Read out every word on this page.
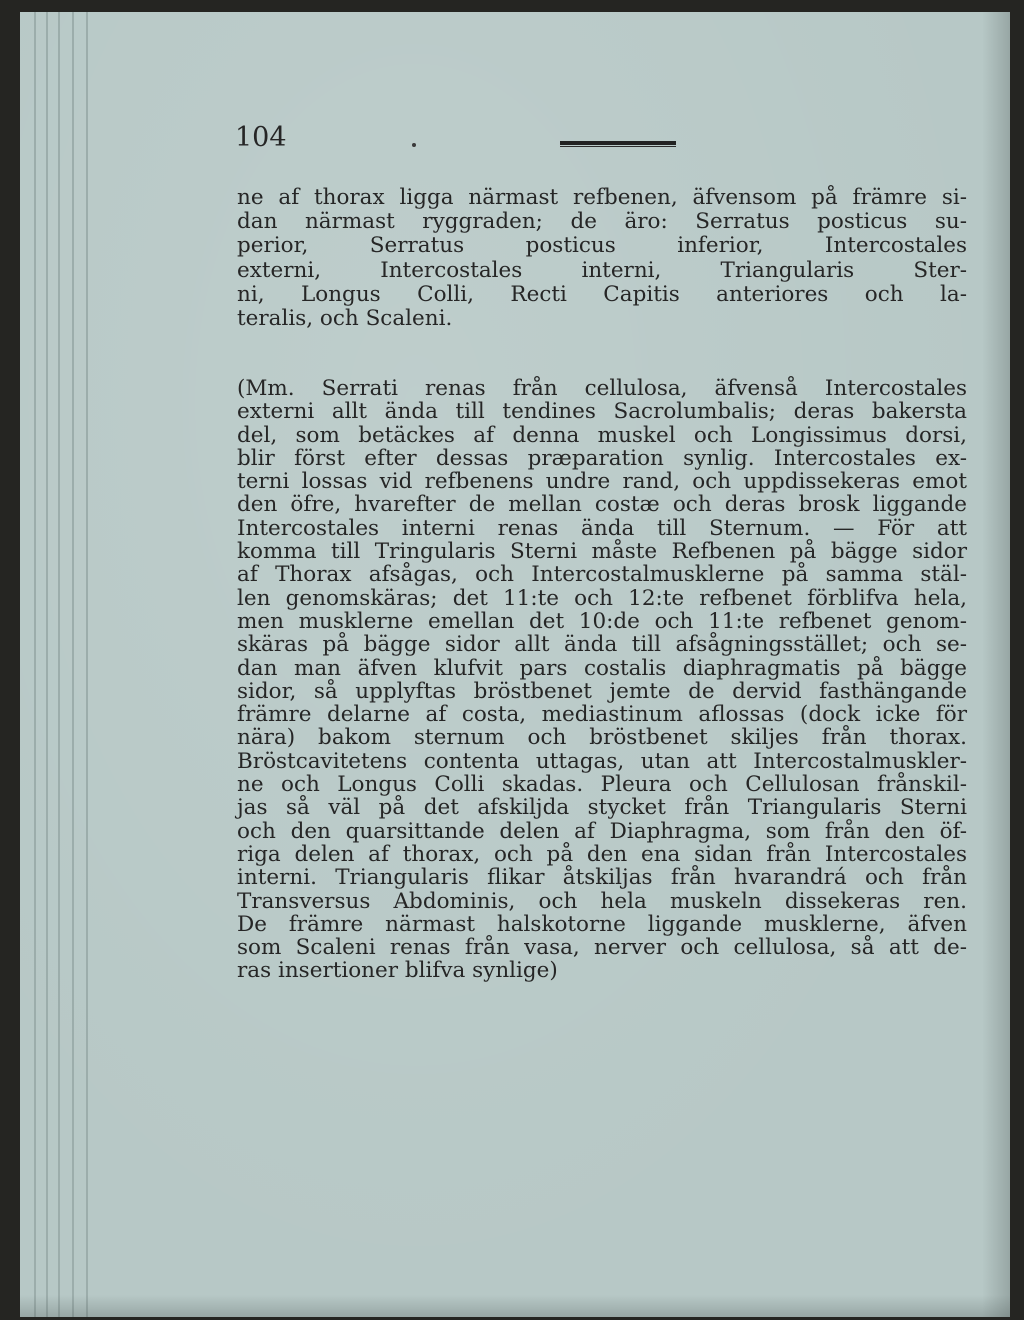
104
ne af thorax ligga närmast refbenen, äfvensom på främre si-
dan närmast ryggraden; de äro: Serratus posticus su-
perior, Serratus posticus inferior, Intercostales
externi, Intercostales interni, Triangularis Ster-
ni, Longus Colli, Recti Capitis anteriores och la-
teralis, och Scaleni.
(Mm. Serrati renas från cellulosa, äfvenså Intercostales
externi allt ända till tendines Sacrolumbalis; deras bakersta
del, som betäckes af denna muskel och Longissimus dorsi,
blir först efter dessas præparation synlig. Intercostales ex-
terni lossas vid refbenens undre rand, och uppdissekeras emot
den öfre, hvarefter de mellan costæ och deras brosk liggande
Intercostales interni renas ända till Sternum. — För att
komma till Tringularis Sterni måste Refbenen på bägge sidor
af Thorax afsågas, och Intercostalmusklerne på samma stäl-
len genomskäras; det 11:te och 12:te refbenet förblifva hela,
men musklerne emellan det 10:de och 11:te refbenet genom-
skäras på bägge sidor allt ända till afsågningsstället; och se-
dan man äfven klufvit pars costalis diaphragmatis på bägge
sidor, så upplyftas bröstbenet jemte de dervid fasthängande
främre delarne af costa, mediastinum aflossas (dock icke för
nära) bakom sternum och bröstbenet skiljes från thorax.
Bröstcavitetens contenta uttagas, utan att Intercostalmuskler-
ne och Longus Colli skadas. Pleura och Cellulosan frånskil-
jas så väl på det afskiljda stycket från Triangularis Sterni
och den quarsittande delen af Diaphragma, som från den öf-
riga delen af thorax, och på den ena sidan från Intercostales
interni. Triangularis flikar åtskiljas från hvarandrá och från
Transversus Abdominis, och hela muskeln dissekeras ren.
De främre närmast halskotorne liggande musklerne, äfven
som Scaleni renas från vasa, nerver och cellulosa, så att de-
ras insertioner blifva synlige)
